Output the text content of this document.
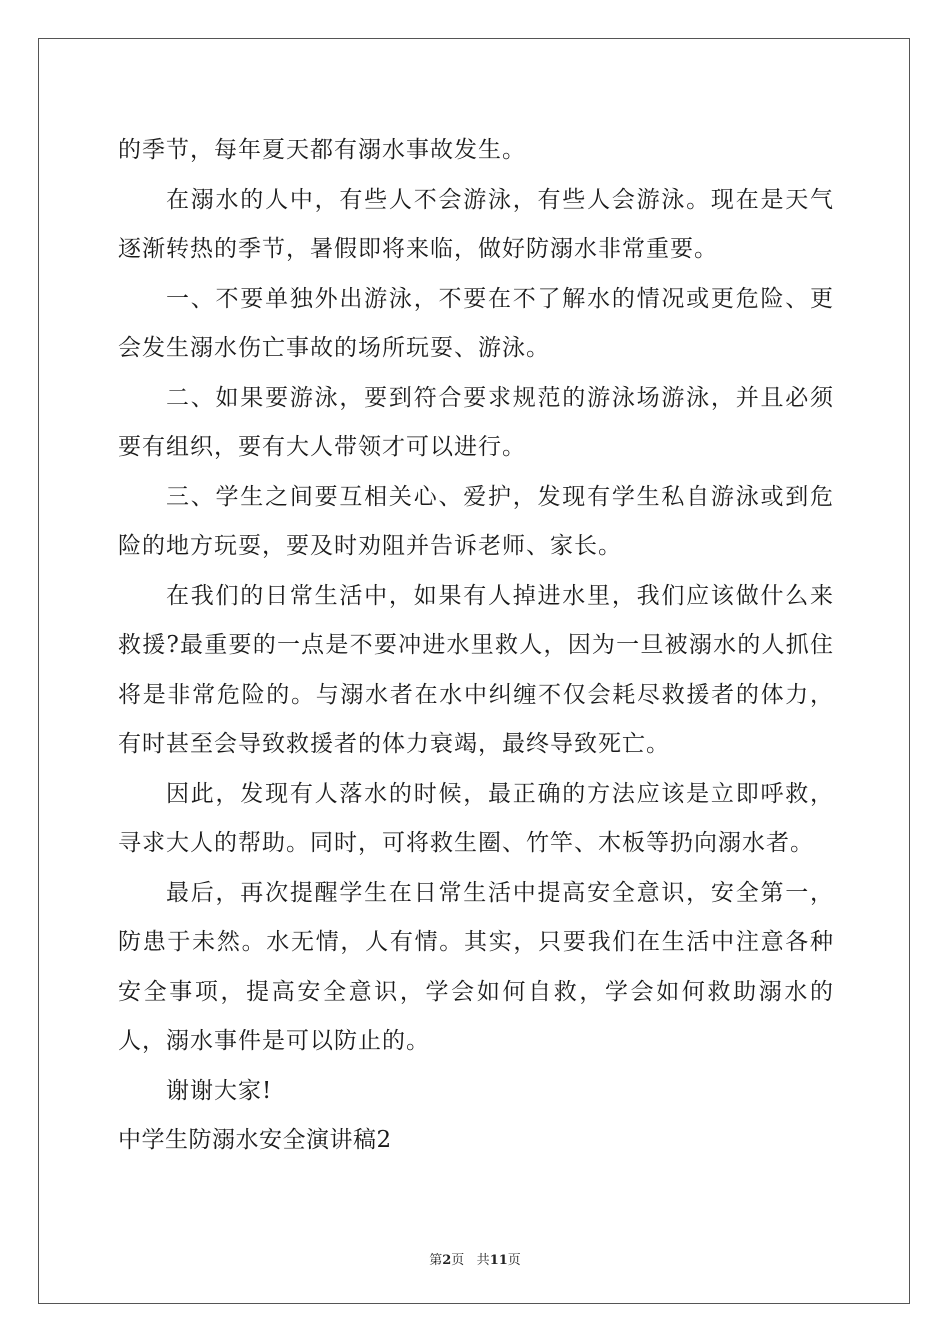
的季节，每年夏天都有溺水事故发生。

在溺水的人中，有些人不会游泳，有些人会游泳。现在是天气逐渐转热的季节，暑假即将来临，做好防溺水非常重要。

一、不要单独外出游泳，不要在不了解水的情况或更危险、更会发生溺水伤亡事故的场所玩耍、游泳。

二、如果要游泳，要到符合要求规范的游泳场游泳，并且必须要有组织，要有大人带领才可以进行。

三、学生之间要互相关心、爱护，发现有学生私自游泳或到危险的地方玩耍，要及时劝阻并告诉老师、家长。

在我们的日常生活中，如果有人掉进水里，我们应该做什么来救援?最重要的一点是不要冲进水里救人，因为一旦被溺水的人抓住将是非常危险的。与溺水者在水中纠缠不仅会耗尽救援者的体力，有时甚至会导致救援者的体力衰竭，最终导致死亡。

因此，发现有人落水的时候，最正确的方法应该是立即呼救，寻求大人的帮助。同时，可将救生圈、竹竿、木板等扔向溺水者。

最后，再次提醒学生在日常生活中提高安全意识，安全第一，防患于未然。水无情，人有情。其实，只要我们在生活中注意各种安全事项，提高安全意识，学会如何自救，学会如何救助溺水的人，溺水事件是可以防止的。

谢谢大家!

中学生防溺水安全演讲稿2

第2页 共11页
